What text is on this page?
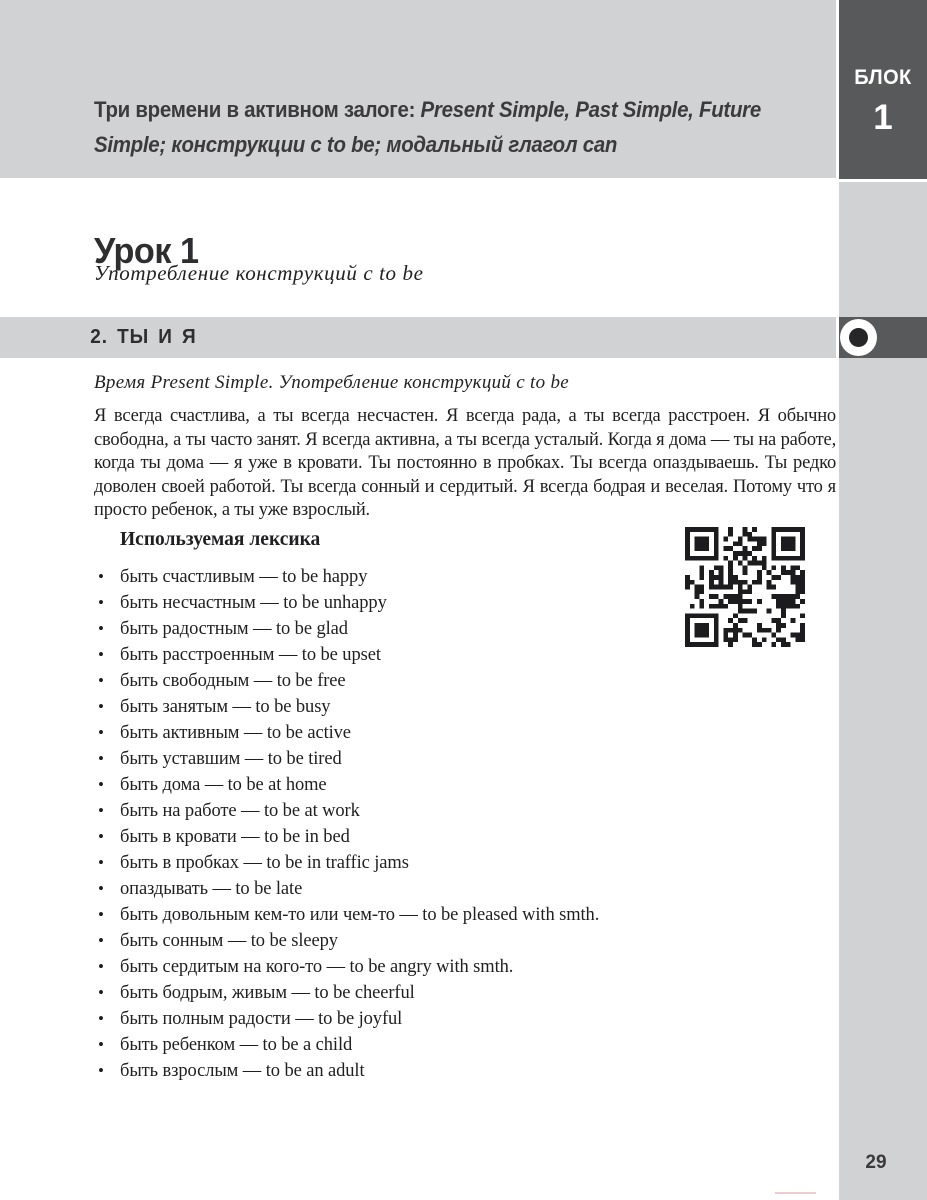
Три времени в активном залоге: Present Simple, Past Simple, Future Simple; конструкции с to be; модальный глагол can
БЛОК
1
Урок 1
Употребление конструкций с to be
2. ТЫ И Я

Время Present Simple. Употребление конструкций с to be

Я всегда счастлива, а ты всегда несчастен. Я всегда рада, а ты всегда расстроен. Я обычно свободна, а ты часто занят. Я всегда активна, а ты всегда усталый. Когда я дома — ты на работе, когда ты дома — я уже в кровати. Ты постоянно в пробках. Ты всегда опаздываешь. Ты редко доволен своей работой. Ты всегда сонный и сердитый. Я всегда бодрая и веселая. Потому что я просто ребенок, а ты уже взрослый.

Используемая лексика
• быть счастливым — to be happy
• быть несчастным — to be unhappy
• быть радостным — to be glad
• быть расстроенным — to be upset
• быть свободным — to be free
• быть занятым — to be busy
• быть активным — to be active
• быть уставшим — to be tired
• быть дома — to be at home
• быть на работе — to be at work
• быть в кровати — to be in bed
• быть в пробках — to be in traffic jams
• опаздывать — to be late
• быть довольным кем-то или чем-то — to be pleased with smth.
• быть сонным — to be sleepy
• быть сердитым на кого-то — to be angry with smth.
• быть бодрым, живым — to be cheerful
• быть полным радости — to be joyful
• быть ребенком — to be a child
• быть взрослым — to be an adult
29
